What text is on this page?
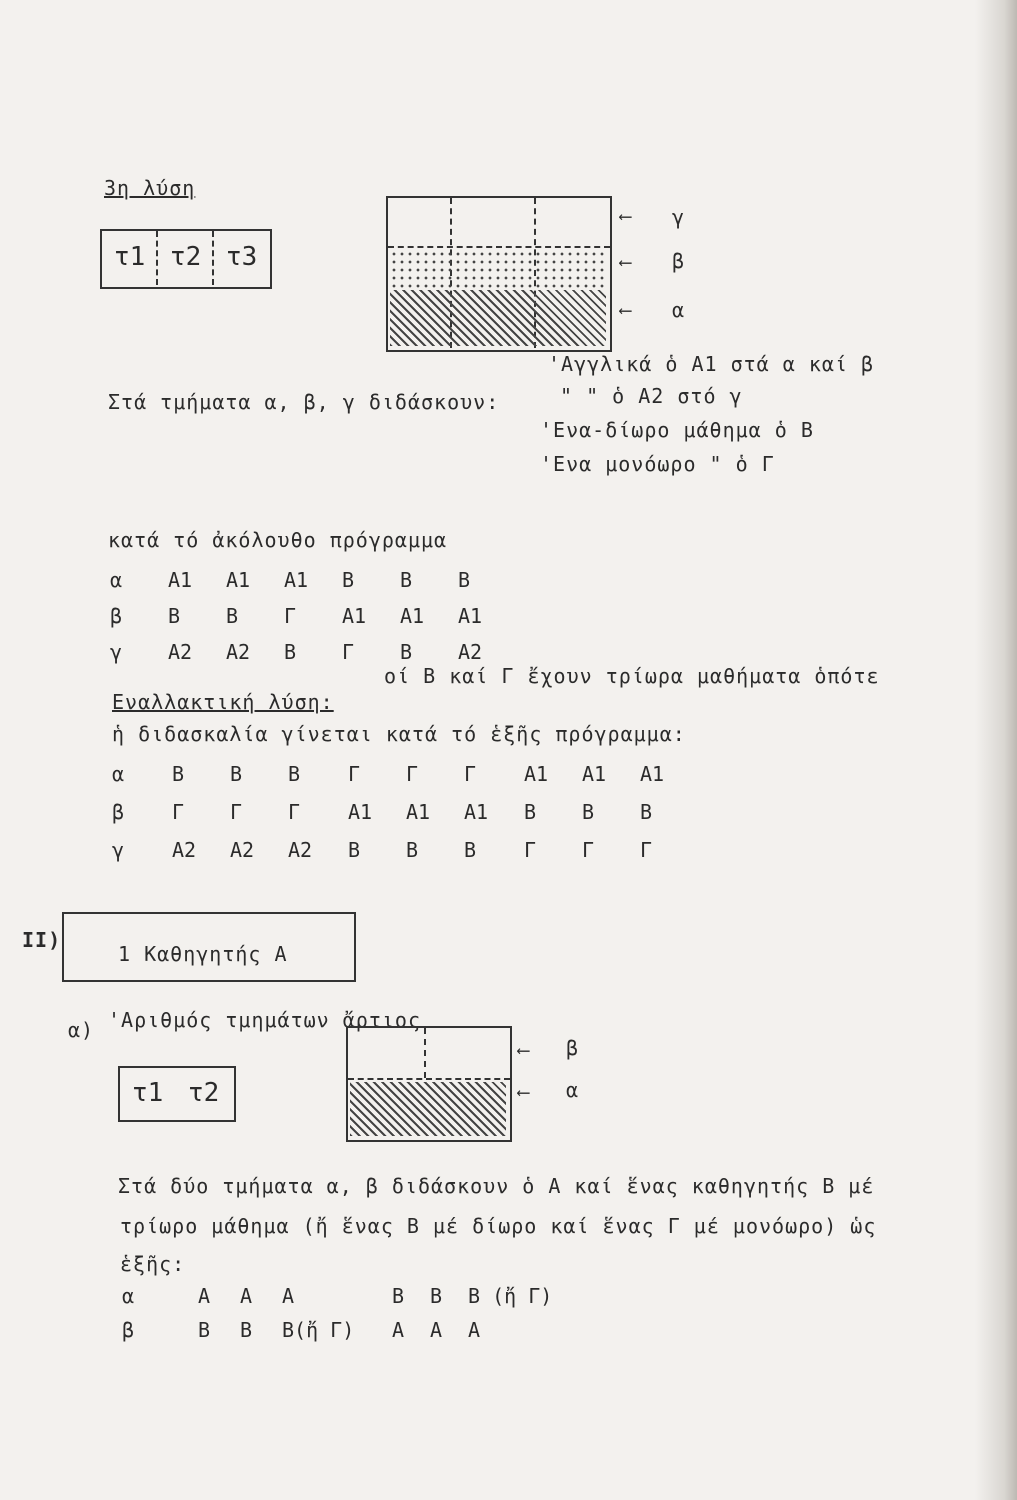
3η λύση
τ1 τ2 τ3
⟵ γ
⟵ β
⟵ α
Στά τμήματα α, β, γ διδάσκουν:
'Αγγλικά ὁ Α1 στά α καί β
" " ὁ Α2 στό γ
'Ενα-δίωρο μάθημα ὁ Β
'Ενα μονόωρο " ὁ Γ
κατά τό ἀκόλουθο πρόγραμμα
α	Α1	Α1	Α1	Β	Β	Β
β	Β	Β	Γ	Α1	Α1	Α1
γ	Α2	Α2	Β	Γ	Β	Α2
Εναλλακτική λύση:
οί Β καί Γ ἔχουν τρίωρα μαθήματα ὁπότε
ἡ διδασκαλία γίνεται κατά τό ἑξῆς πρόγραμμα:
α	Β	Β	Β	Γ	Γ	Γ	Α1	Α1	Α1
β	Γ	Γ	Γ	Α1	Α1	Α1	Β	Β	Β
γ	Α2	Α2	Α2	Β	Β	Β	Γ	Γ	Γ
II)
1 Καθηγητής Α
α) 'Αριθμός τμημάτων ἄρτιος
τ1 τ2
⟵ β
⟵ α
Στά δύο τμήματα α, β διδάσκουν ὁ Α καί ἕνας καθηγητής Β μέ
τρίωρο μάθημα (ἤ ἕνας Β μέ δίωρο καί ἕνας Γ μέ μονόωρο) ὡς
ἑξῆς:
α	Α	Α	Α	Β	Β	Β (ἤ Γ)
β	Β	Β	Β(ἤ Γ)	Α	Α	Α
